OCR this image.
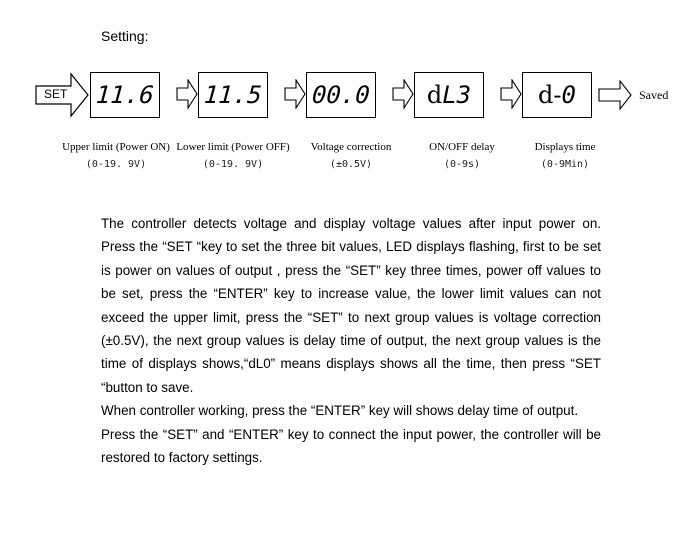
Setting:
SET 11.6 11.5 00.0 dL3	d-0	Saved
Upper limit (Power ON)
(0-19. 9V)
Lower limit (Power OFF)
(0-19. 9V)
Voltage correction
(±0.5V)
ON/OFF delay
(0-9s)
Displays time
(0-9Min)

The controller detects voltage and display voltage values after input power on. Press the “SET “key to set the three bit values, LED displays flashing, first to be set is power on values of output , press the “SET” key three times, power off values to be set, press the “ENTER” key to increase value, the lower limit values can not exceed the upper limit, press the “SET” to next group values is voltage correction (±0.5V), the next group values is delay time of output, the next group values is the time of displays shows,“dL0” means displays shows all the time, then press “SET “button to save.

When controller working, press the “ENTER” key will shows delay time of output.

Press the “SET” and “ENTER” key to connect the input power, the controller will be restored to factory settings.
